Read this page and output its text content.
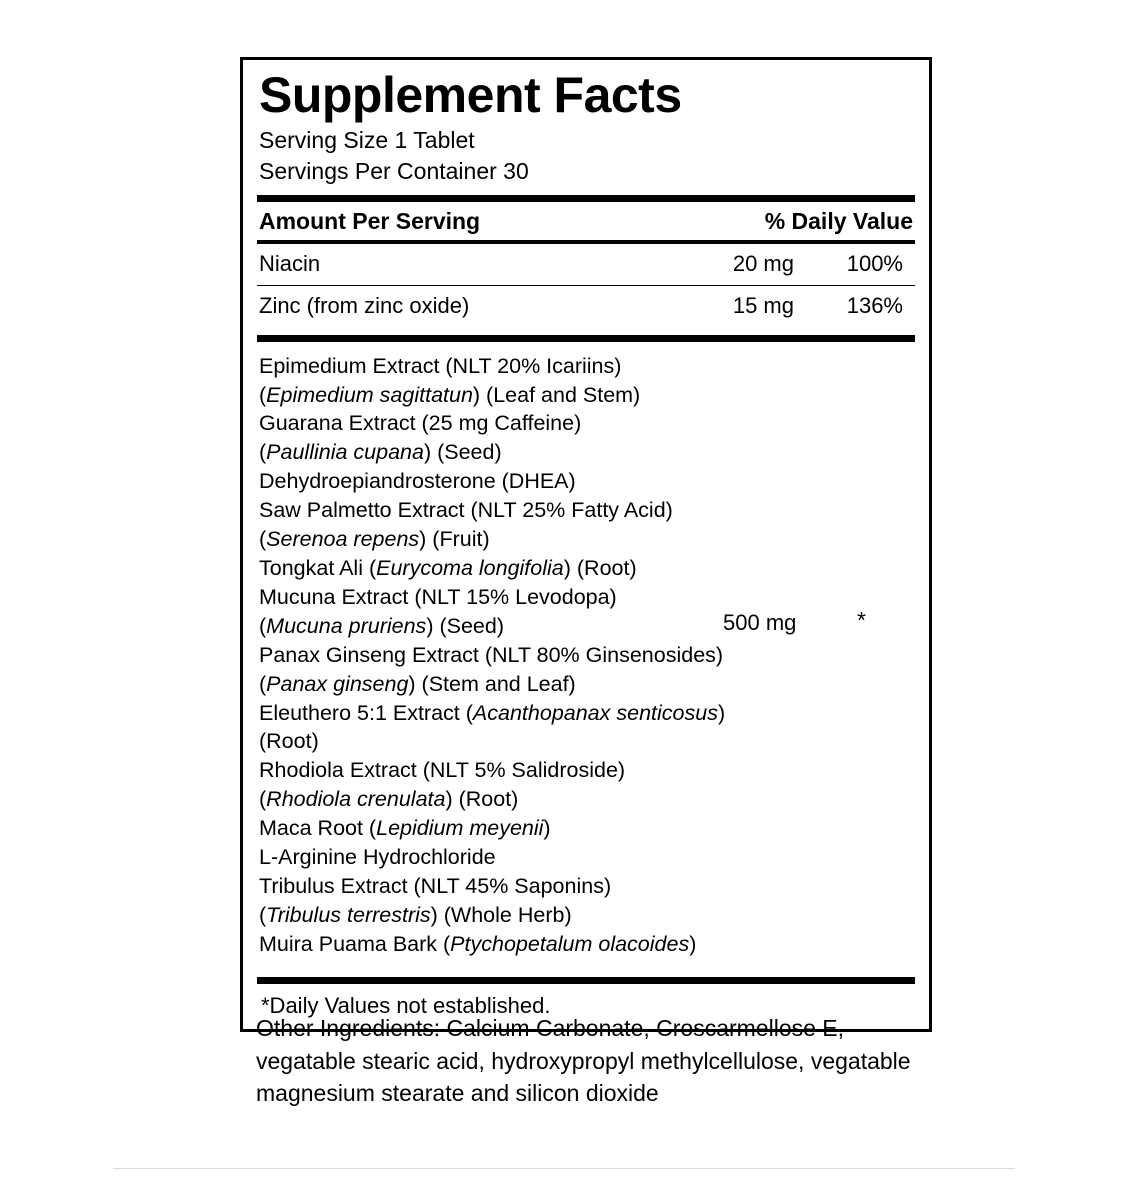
Supplement Facts
Serving Size 1 Tablet
Servings Per Container 30
Amount Per Serving	% Daily Value
Niacin	20 mg	100%
Zinc (from zinc oxide)	15 mg	136%
Epimedium Extract (NLT 20% Icariins)
(Epimedium sagittatun) (Leaf and Stem)
Guarana Extract (25 mg Caffeine)
(Paullinia cupana) (Seed)
Dehydroepiandrosterone (DHEA)
Saw Palmetto Extract (NLT 25% Fatty Acid)
(Serenoa repens) (Fruit)
Tongkat Ali (Eurycoma longifolia) (Root)
Mucuna Extract (NLT 15% Levodopa)
(Mucuna pruriens) (Seed)
Panax Ginseng Extract (NLT 80% Ginsenosides)
(Panax ginseng) (Stem and Leaf)
Eleuthero 5:1 Extract (Acanthopanax senticosus)
(Root)
Rhodiola Extract (NLT 5% Salidroside)
(Rhodiola crenulata) (Root)
Maca Root (Lepidium meyenii)
L-Arginine Hydrochloride
Tribulus Extract (NLT 45% Saponins)
(Tribulus terrestris) (Whole Herb)
Muira Puama Bark (Ptychopetalum olacoides)
500 mg	*
*Daily Values not established.
Other Ingredients: Calcium Carbonate, Croscarmellose E, vegatable stearic acid, hydroxypropyl methylcellulose, vegatable magnesium stearate and silicon dioxide
